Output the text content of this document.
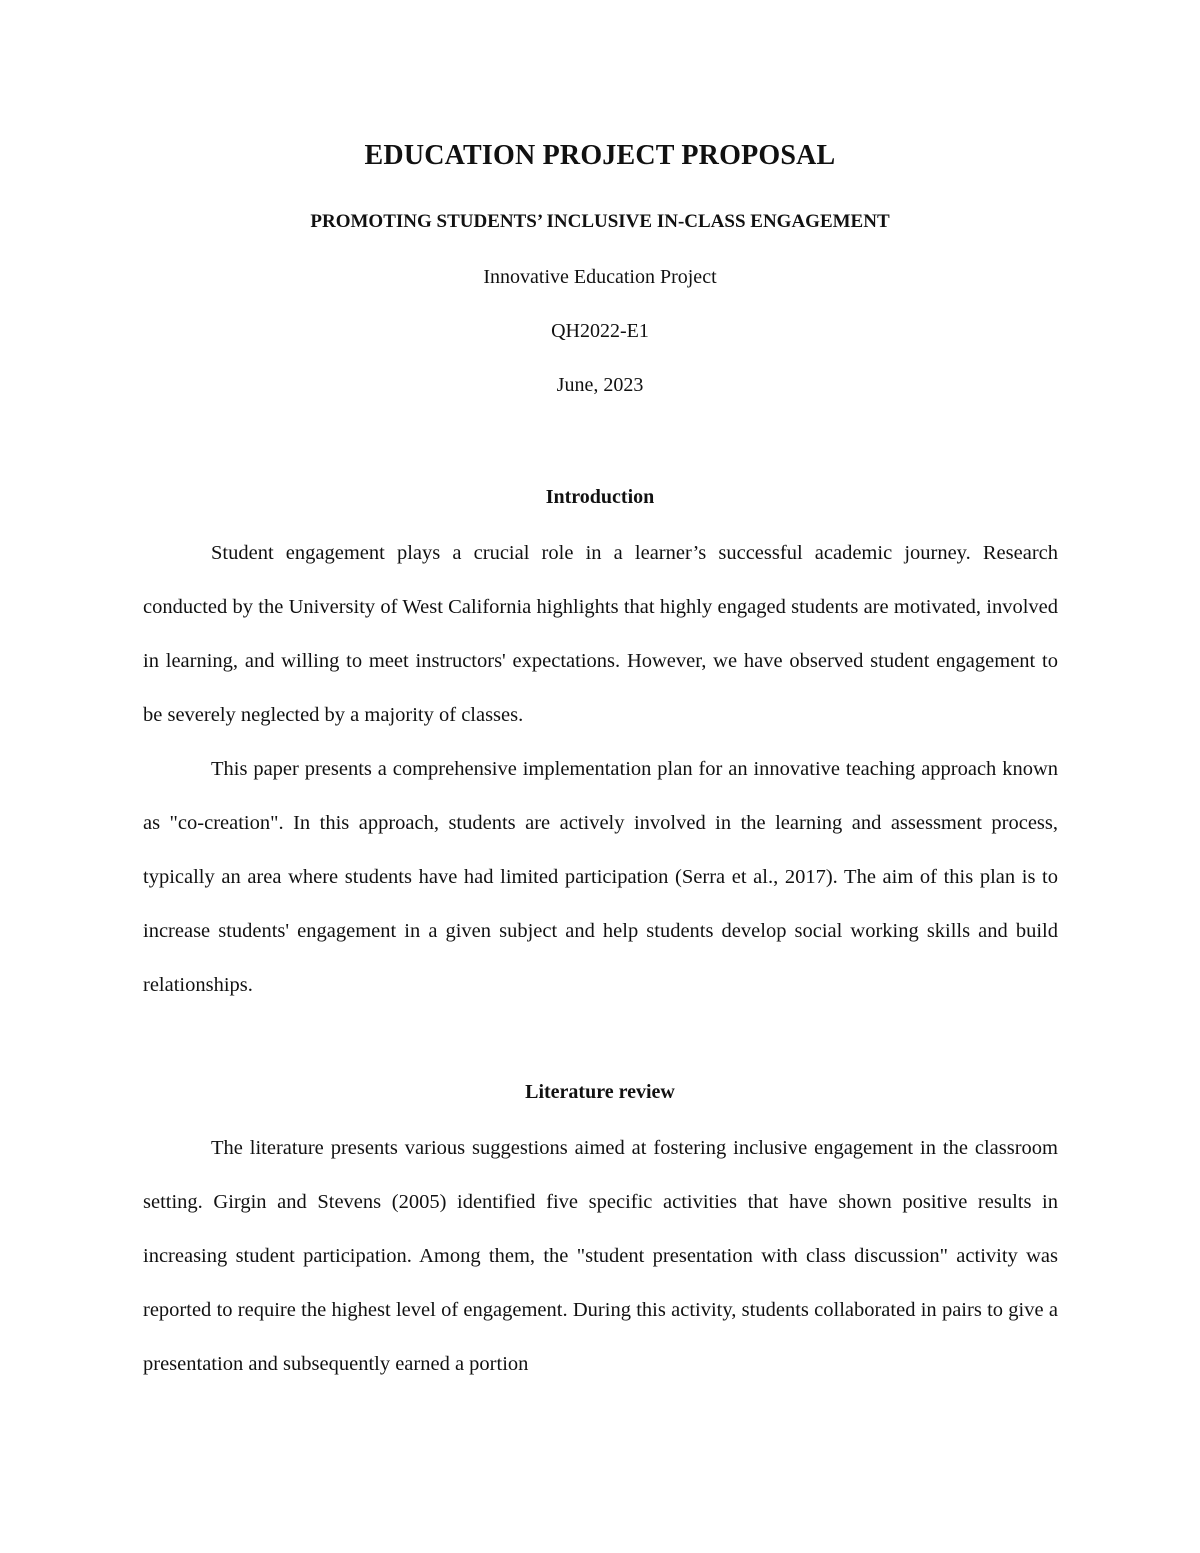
EDUCATION PROJECT PROPOSAL
PROMOTING STUDENTS’ INCLUSIVE IN-CLASS ENGAGEMENT
Innovative Education Project
QH2022-E1
June, 2023
Introduction

Student engagement plays a crucial role in a learner’s successful academic journey. Research conducted by the University of West California highlights that highly engaged students are motivated, involved in learning, and willing to meet instructors' expectations. However, we have observed student engagement to be severely neglected by a majority of classes.

This paper presents a comprehensive implementation plan for an innovative teaching approach known as "co-creation". In this approach, students are actively involved in the learning and assessment process, typically an area where students have had limited participation (Serra et al., 2017). The aim of this plan is to increase students' engagement in a given subject and help students develop social working skills and build relationships.

Literature review

The literature presents various suggestions aimed at fostering inclusive engagement in the classroom setting. Girgin and Stevens (2005) identified five specific activities that have shown positive results in increasing student participation. Among them, the "student presentation with class discussion" activity was reported to require the highest level of engagement. During this activity, students collaborated in pairs to give a presentation and subsequently earned a portion
